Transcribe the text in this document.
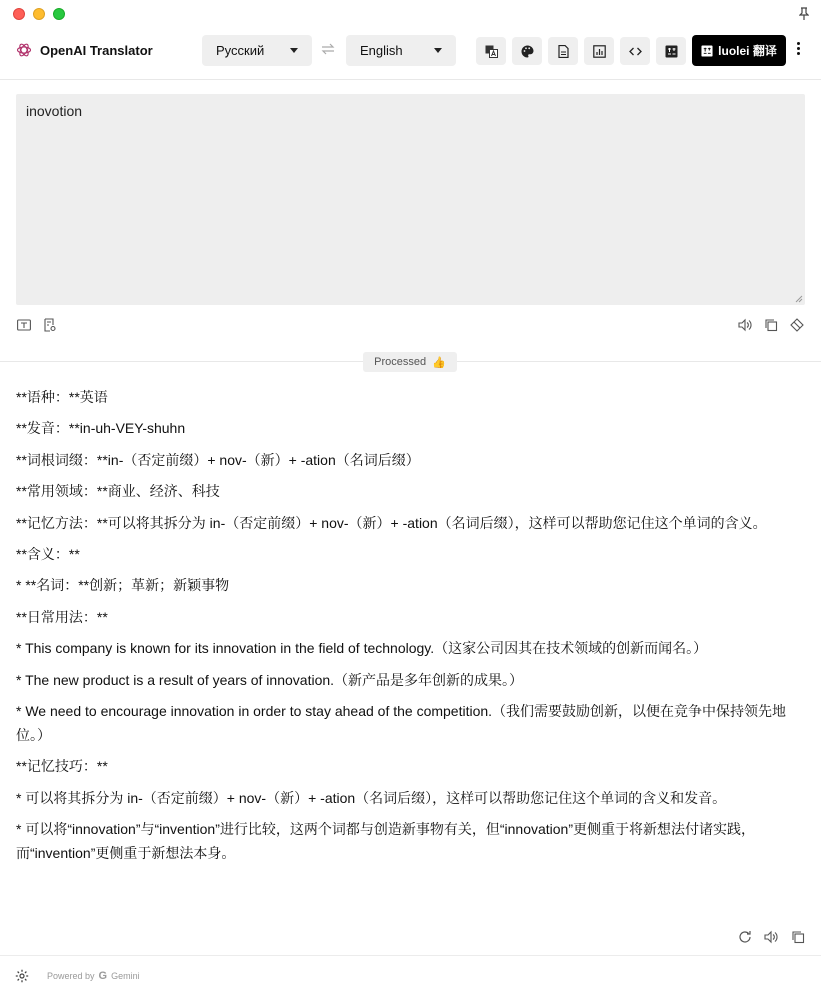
OpenAI Translator	Русский	English	luolei 翻译
inovotion
Processed 👍

**语种：**英语

**发音：**in-uh-VEY-shuhn

**词根词缀：**in-（否定前缀）+ nov-（新）+ -ation（名词后缀）

**常用领域：**商业、经济、科技

**记忆方法：**可以将其拆分为 in-（否定前缀）+ nov-（新）+ -ation（名词后缀），这样可以帮助您记住这个单词的含义。

**含义：**

* **名词：**创新；革新；新颖事物

**日常用法：**

* This company is known for its innovation in the field of technology.（这家公司因其在技术领域的创新而闻名。）

* The new product is a result of years of innovation.（新产品是多年创新的成果。）

* We need to encourage innovation in order to stay ahead of the competition.（我们需要鼓励创新，以便在竞争中保持领先地位。）

**记忆技巧：**

* 可以将其拆分为 in-（否定前缀）+ nov-（新）+ -ation（名词后缀），这样可以帮助您记住这个单词的含义和发音。

* 可以将“innovation”与“invention”进行比较，这两个词都与创造新事物有关，但“innovation”更侧重于将新想法付诸实践，而“invention”更侧重于新想法本身。

Powered by G Gemini
